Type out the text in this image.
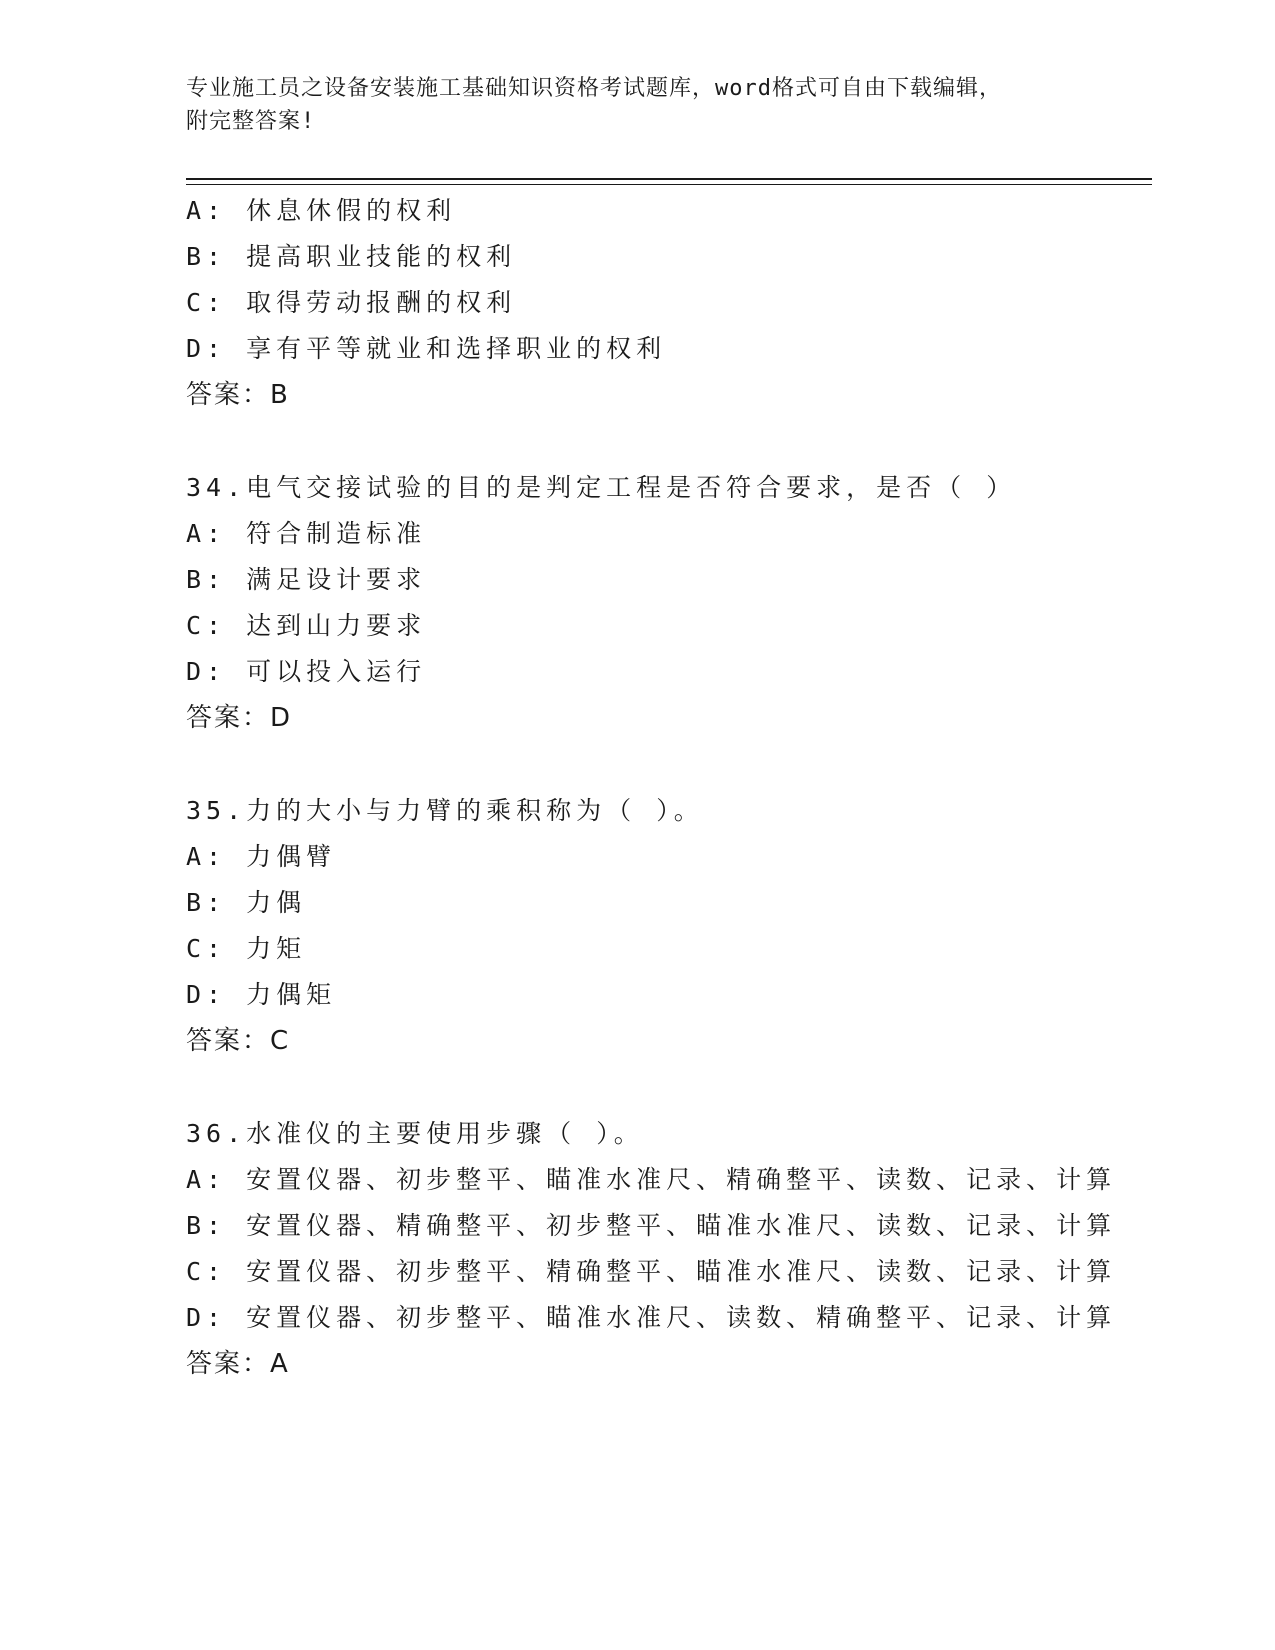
专业施工员之设备安装施工基础知识资格考试题库，word格式可自由下载编辑，
附完整答案!
A: 休息休假的权利
B: 提高职业技能的权利
C: 取得劳动报酬的权利
D: 享有平等就业和选择职业的权利
答案：B
34.电气交接试验的目的是判定工程是否符合要求，是否（ ）
A: 符合制造标准
B: 满足设计要求
C: 达到山力要求
D: 可以投入运行
答案：D
35.力的大小与力臂的乘积称为（ ）。
A: 力偶臂
B: 力偶
C: 力矩
D: 力偶矩
答案：C
36.水准仪的主要使用步骤（ ）。
A: 安置仪器、初步整平、瞄准水准尺、精确整平、读数、记录、计算
B: 安置仪器、精确整平、初步整平、瞄准水准尺、读数、记录、计算
C: 安置仪器、初步整平、精确整平、瞄准水准尺、读数、记录、计算
D: 安置仪器、初步整平、瞄准水准尺、读数、精确整平、记录、计算
答案：A
